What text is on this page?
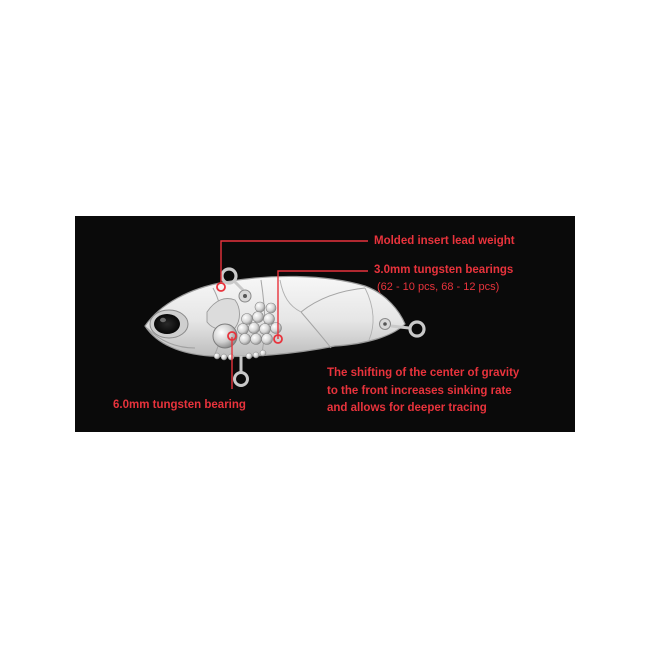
Molded insert lead weight
3.0mm tungsten bearings
(62 - 10 pcs, 68 - 12 pcs)
6.0mm tungsten bearing
The shifting of the center of gravity
to the front increases sinking rate
and allows for deeper tracing
